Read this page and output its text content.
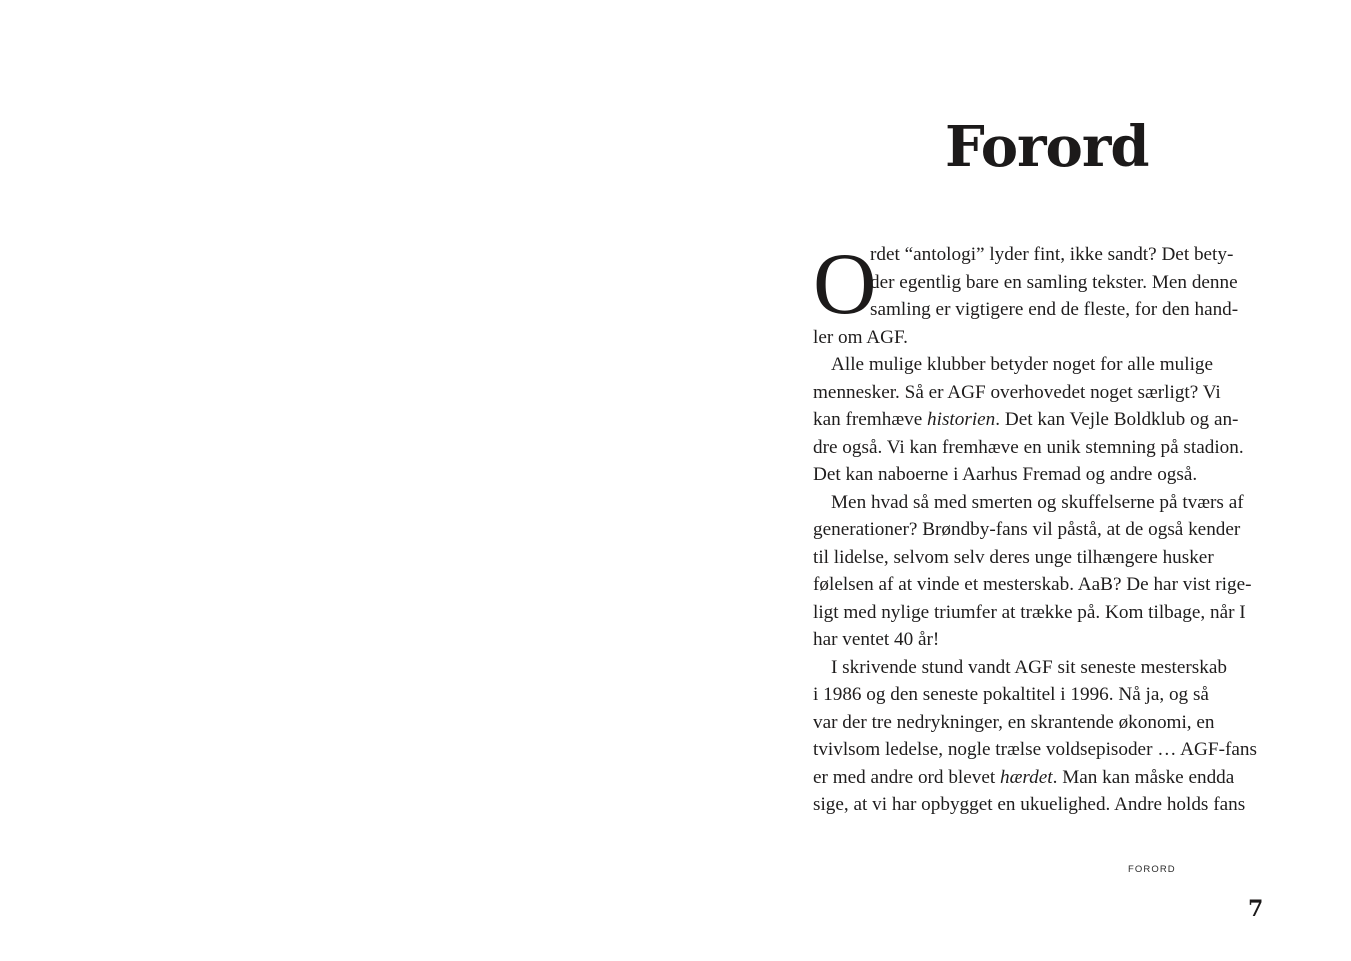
Forord
O
rdet “antologi” lyder fint, ikke sandt? Det bety-
der egentlig bare en samling tekster. Men denne
samling er vigtigere end de fleste, for den hand-
ler om AGF.
Alle mulige klubber betyder noget for alle mulige
mennesker. Så er AGF overhovedet noget særligt? Vi
kan fremhæve historien. Det kan Vejle Boldklub og an-
dre også. Vi kan fremhæve en unik stemning på stadion.
Det kan naboerne i Aarhus Fremad og andre også.
Men hvad så med smerten og skuffelserne på tværs af
generationer? Brøndby-fans vil påstå, at de også kender
til lidelse, selvom selv deres unge tilhængere husker
følelsen af at vinde et mesterskab. AaB? De har vist rige-
ligt med nylige triumfer at trække på. Kom tilbage, når I
har ventet 40 år!
I skrivende stund vandt AGF sit seneste mesterskab
i 1986 og den seneste pokaltitel i 1996. Nå ja, og så
var der tre nedrykninger, en skrantende økonomi, en
tvivlsom ledelse, nogle trælse voldsepisoder … AGF-fans
er med andre ord blevet hærdet. Man kan måske endda
sige, at vi har opbygget en ukuelighed. Andre holds fans
FORORD
7
